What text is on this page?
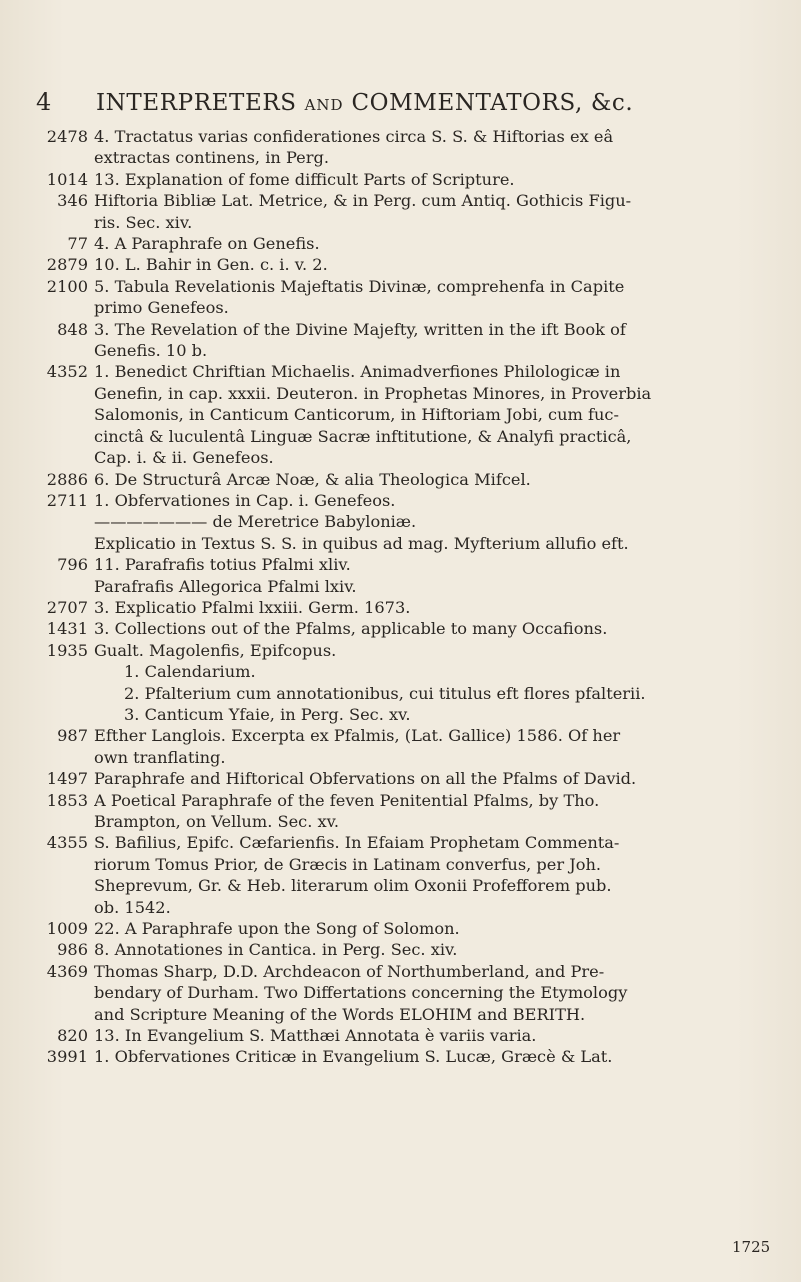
4	INTERPRETERS AND COMMENTATORS, &c.
2478 4. Tractatus varias confiderationes circa S. S. & Hiftorias ex eâ
extractas continens, in Perg.
1014 13. Explanation of fome difficult Parts of Scripture.
346 Hiftoria Bibliæ Lat. Metrice, & in Perg. cum Antiq. Gothicis Figu-
ris. Sec. xiv.
77 4. A Paraphrafe on Genefis.
2879 10. L. Bahir in Gen. c. i. v. 2.
2100 5. Tabula Revelationis Majeftatis Divinæ, comprehenfa in Capite
primo Genefeos.
848 3. The Revelation of the Divine Majefty, written in the ift Book of
Genefis. 10 b.
4352 1. Benedict Chriftian Michaelis. Animadverfiones Philologicæ in
Genefin, in cap. xxxii. Deuteron. in Prophetas Minores, in Proverbia
Salomonis, in Canticum Canticorum, in Hiftoriam Jobi, cum fuc-
cinctâ & luculentâ Linguæ Sacræ inftitutione, & Analyfi practicâ,
Cap. i. & ii. Genefeos.
2886 6. De Structurâ Arcæ Noæ, & alia Theologica Mifcel.
2711 1. Obfervationes in Cap. i. Genefeos.
——————— de Meretrice Babyloniæ.
Explicatio in Textus S. S. in quibus ad mag. Myfterium allufio eft.
796 11. Parafrafis totius Pfalmi xliv.
Parafrafis Allegorica Pfalmi lxiv.
2707 3. Explicatio Pfalmi lxxiii. Germ. 1673.
1431 3. Collections out of the Pfalms, applicable to many Occafions.
1935 Gualt. Magolenfis, Epifcopus.
1. Calendarium.
2. Pfalterium cum annotationibus, cui titulus eft flores pfalterii.
3. Canticum Yfaie, in Perg. Sec. xv.
987 Efther Langlois. Excerpta ex Pfalmis, (Lat. Gallice) 1586. Of her
own tranflating.
1497 Paraphrafe and Hiftorical Obfervations on all the Pfalms of David.
1853 A Poetical Paraphrafe of the feven Penitential Pfalms, by Tho.
Brampton, on Vellum. Sec. xv.
4355 S. Bafilius, Epifc. Cæfarienfis. In Efaiam Prophetam Commenta-
riorum Tomus Prior, de Græcis in Latinam converfus, per Joh.
Sheprevum, Gr. & Heb. literarum olim Oxonii Profefforem pub.
ob. 1542.
1009 22. A Paraphrafe upon the Song of Solomon.
986 8. Annotationes in Cantica. in Perg. Sec. xiv.
4369 Thomas Sharp, D.D. Archdeacon of Northumberland, and Pre-
bendary of Durham. Two Differtations concerning the Etymology
and Scripture Meaning of the Words ELOHIM and BERITH.
820 13. In Evangelium S. Matthæi Annotata è variis varia.
3991 1. Obfervationes Criticæ in Evangelium S. Lucæ, Græcè & Lat.
1725
